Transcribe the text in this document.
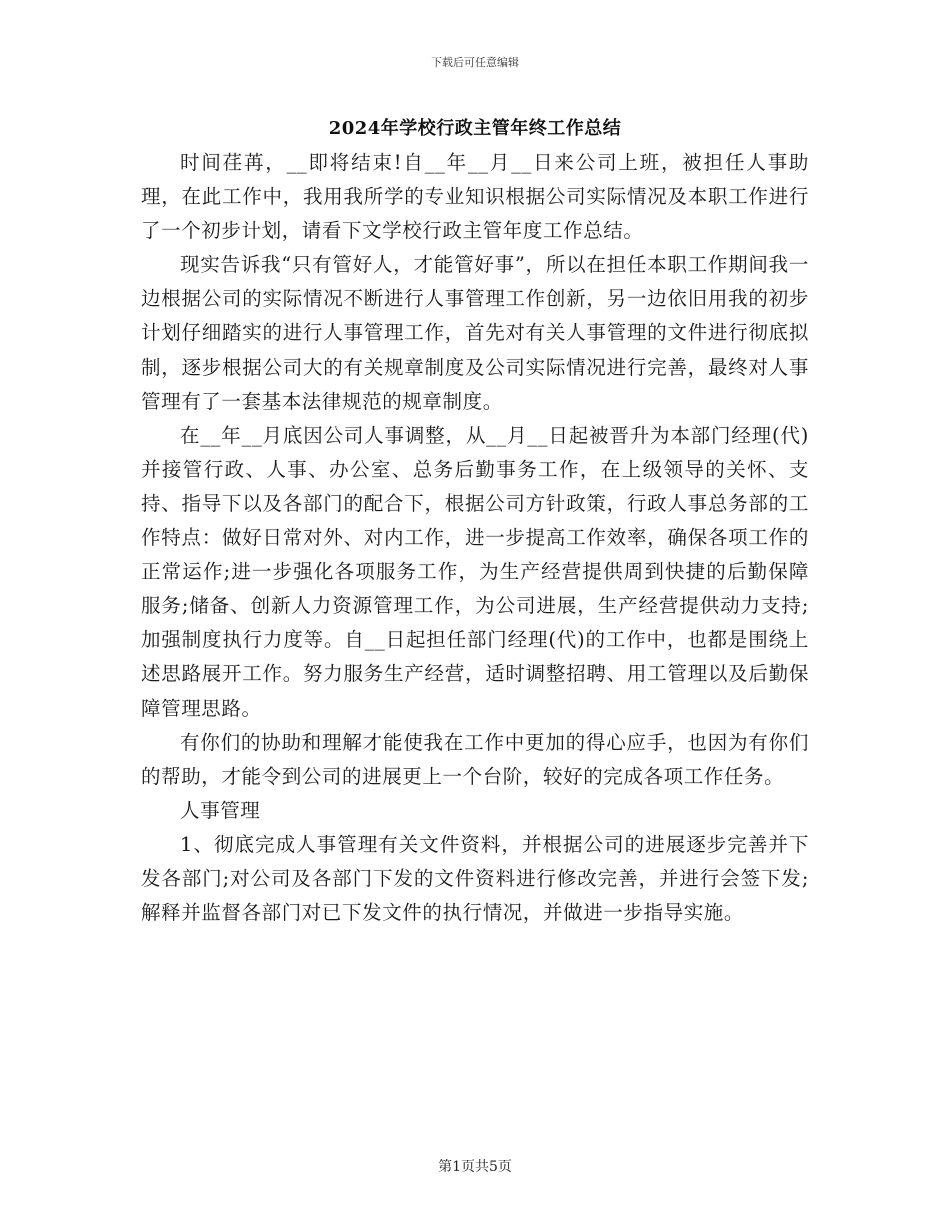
下载后可任意编辑
2024年学校行政主管年终工作总结

时间荏苒，__即将结束!自__年__月__日来公司上班，被担任人事助理，在此工作中，我用我所学的专业知识根据公司实际情况及本职工作进行了一个初步计划，请看下文学校行政主管年度工作总结。

现实告诉我“只有管好人，才能管好事”，所以在担任本职工作期间我一边根据公司的实际情况不断进行人事管理工作创新，另一边依旧用我的初步计划仔细踏实的进行人事管理工作，首先对有关人事管理的文件进行彻底拟制，逐步根据公司大的有关规章制度及公司实际情况进行完善，最终对人事管理有了一套基本法律规范的规章制度。

在__年__月底因公司人事调整，从__月__日起被晋升为本部门经理(代)并接管行政、人事、办公室、总务后勤事务工作，在上级领导的关怀、支持、指导下以及各部门的配合下，根据公司方针政策，行政人事总务部的工作特点：做好日常对外、对内工作，进一步提高工作效率，确保各项工作的正常运作;进一步强化各项服务工作，为生产经营提供周到快捷的后勤保障服务;储备、创新人力资源管理工作，为公司进展，生产经营提供动力支持;加强制度执行力度等。自__日起担任部门经理(代)的工作中，也都是围绕上述思路展开工作。努力服务生产经营，适时调整招聘、用工管理以及后勤保障管理思路。

有你们的协助和理解才能使我在工作中更加的得心应手，也因为有你们的帮助，才能令到公司的进展更上一个台阶，较好的完成各项工作任务。

人事管理

1、彻底完成人事管理有关文件资料，并根据公司的进展逐步完善并下发各部门;对公司及各部门下发的文件资料进行修改完善，并进行会签下发;解释并监督各部门对已下发文件的执行情况，并做进一步指导实施。

第1页共5页
